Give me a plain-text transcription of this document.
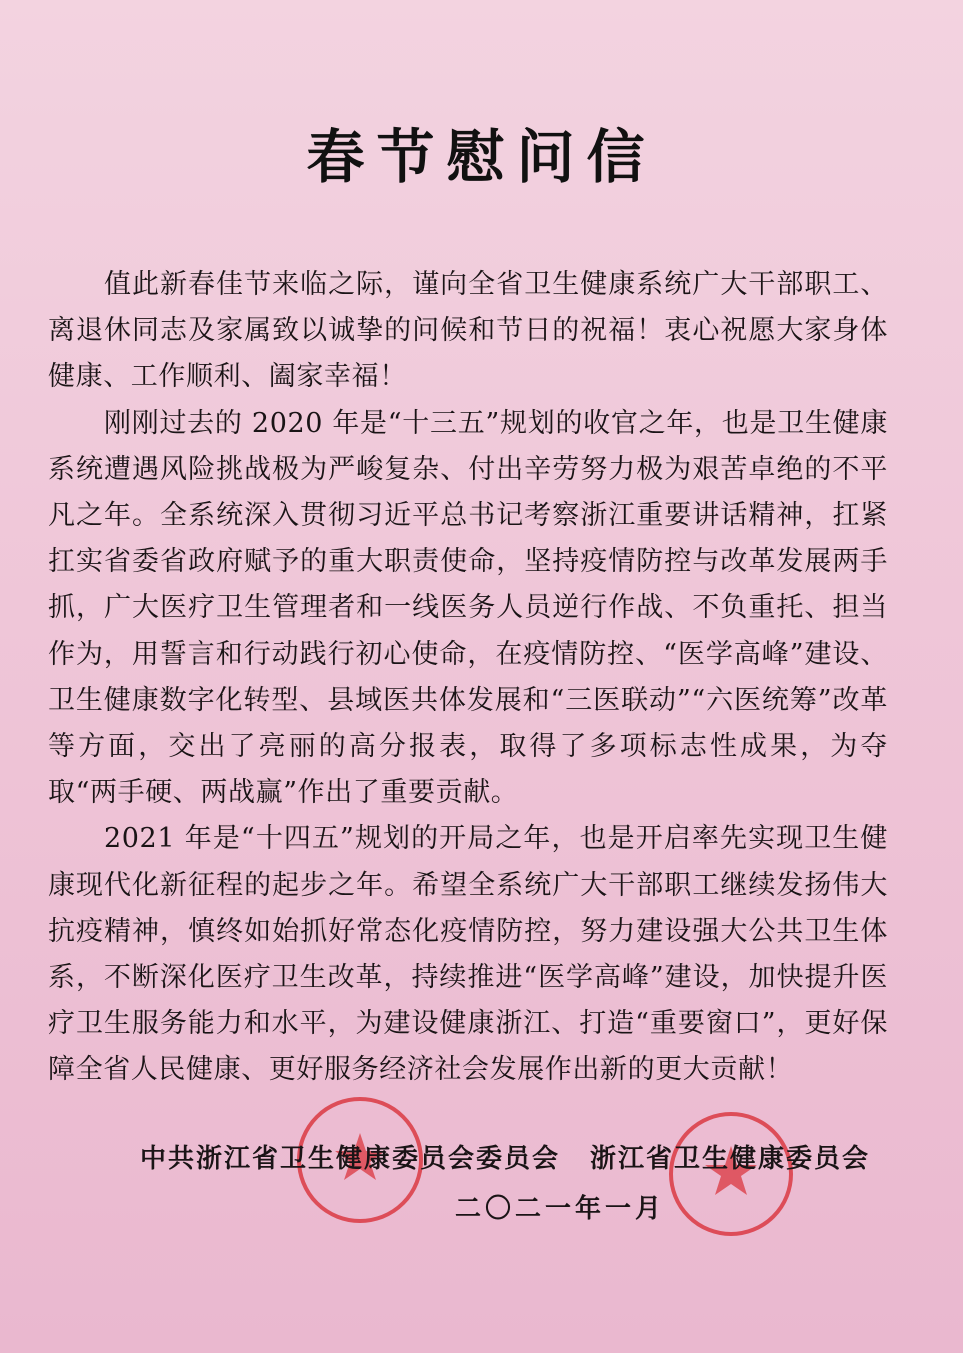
春节慰问信

值此新春佳节来临之际，谨向全省卫生健康系统广大干部职工、离退休同志及家属致以诚挚的问候和节日的祝福！衷心祝愿大家身体健康、工作顺利、阖家幸福！

刚刚过去的 2020 年是“十三五”规划的收官之年，也是卫生健康系统遭遇风险挑战极为严峻复杂、付出辛劳努力极为艰苦卓绝的不平凡之年。全系统深入贯彻习近平总书记考察浙江重要讲话精神，扛紧扛实省委省政府赋予的重大职责使命，坚持疫情防控与改革发展两手抓，广大医疗卫生管理者和一线医务人员逆行作战、不负重托、担当作为，用誓言和行动践行初心使命，在疫情防控、“医学高峰”建设、卫生健康数字化转型、县域医共体发展和“三医联动”“六医统筹”改革等方面，交出了亮丽的高分报表，取得了多项标志性成果，为夺取“两手硬、两战赢”作出了重要贡献。

2021 年是“十四五”规划的开局之年，也是开启率先实现卫生健康现代化新征程的起步之年。希望全系统广大干部职工继续发扬伟大抗疫精神，慎终如始抓好常态化疫情防控，努力建设强大公共卫生体系，不断深化医疗卫生改革，持续推进“医学高峰”建设，加快提升医疗卫生服务能力和水平，为建设健康浙江、打造“重要窗口”，更好保障全省人民健康、更好服务经济社会发展作出新的更大贡献！

中共浙江省卫生健康委员会委员会 浙江省卫生健康委员会
二〇二一年一月
